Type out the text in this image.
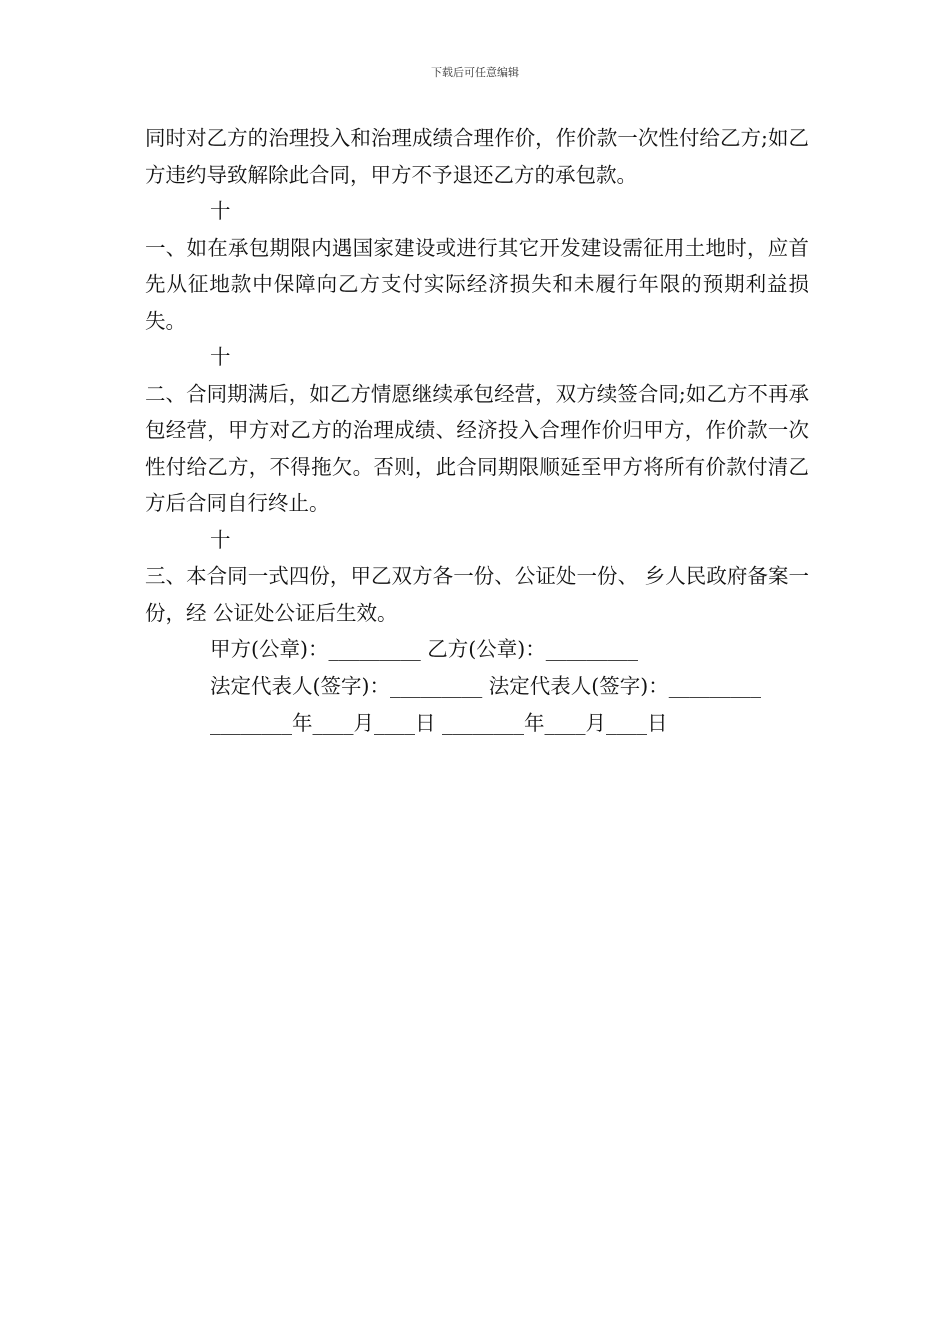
下载后可任意编辑

同时对乙方的治理投入和治理成绩合理作价，作价款一次性付给乙方;如乙方违约导致解除此合同，甲方不予退还乙方的承包款。

十

一、如在承包期限内遇国家建设或进行其它开发建设需征用土地时，应首先从征地款中保障向乙方支付实际经济损失和未履行年限的预期利益损失。

十

二、合同期满后，如乙方情愿继续承包经营，双方续签合同;如乙方不再承包经营，甲方对乙方的治理成绩、经济投入合理作价归甲方，作价款一次性付给乙方，不得拖欠。否则，此合同期限顺延至甲方将所有价款付清乙方后合同自行终止。

十

三、本合同一式四份，甲乙双方各一份、公证处一份、 乡人民政府备案一份，经 公证处公证后生效。

甲方(公章)：_________ 乙方(公章)：_________

法定代表人(签字)：_________ 法定代表人(签字)：_________

________年____月____日 ________年____月____日
